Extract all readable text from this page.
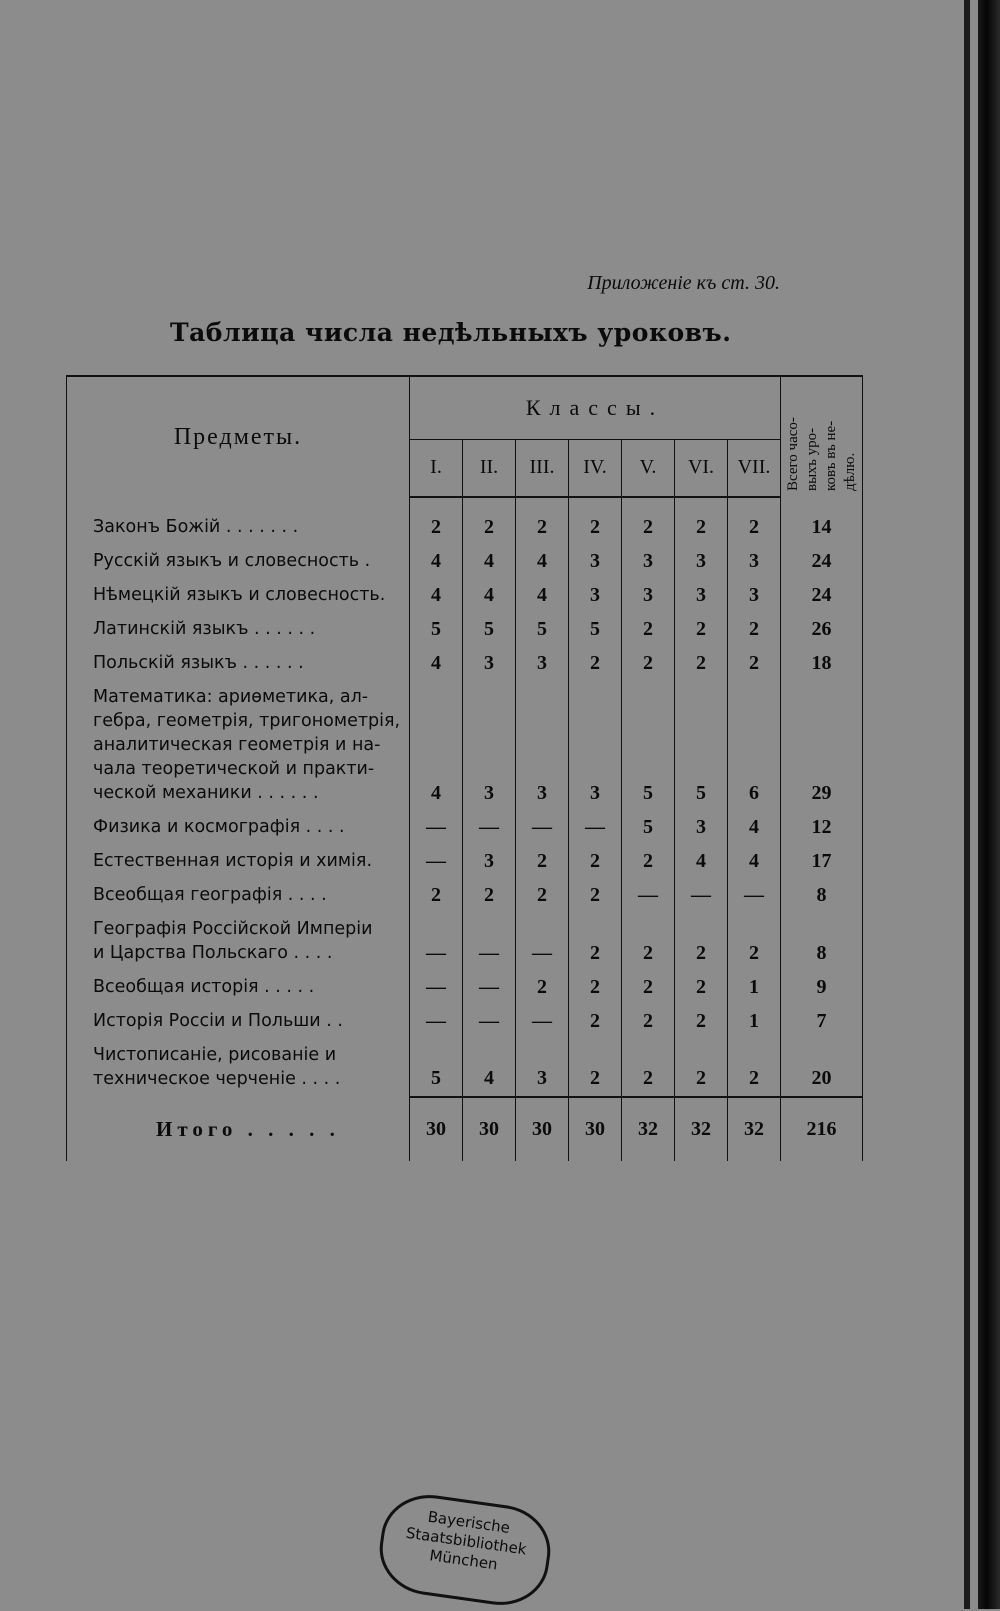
Приложеніе къ ст. 30.
Таблица числа недѣльныхъ уроковъ.
Предметы.	Классы.							Всего часо-
выхъ уро-
ковъ въ не-
дѣлю.
	I.	II.	III.	IV.	V.	VI.	VII.	
Законъ Божій . . . . . . .	2	2	2	2	2	2	2	14
Русскій языкъ и словесность .	4	4	4	3	3	3	3	24
Нѣмецкій языкъ и словесность.	4	4	4	3	3	3	3	24
Латинскій языкъ . . . . . .	5	5	5	5	2	2	2	26
Польскій языкъ . . . . . .	4	3	3	2	2	2	2	18
Математика: ариѳметика, ал-
гебра, геометрія, тригонометрія,
аналитическая геометрія и на-
чала теоретической и практи-
ческой механики . . . . . .	4	3	3	3	5	5	6	29
Физика и космографія . . . .	—	—	—	—	5	3	4	12
Естественная исторія и химія.	—	3	2	2	2	4	4	17
Всеобщая географія . . . .	2	2	2	2	—	—	—	8
Географія Россійской Имперіи
и Царства Польскаго . . . .	—	—	—	2	2	2	2	8
Всеобщая исторія . . . . .	—	—	2	2	2	2	1	9
Исторія Россіи и Польши . .	—	—	—	2	2	2	1	7
Чистописаніе, рисованіе и
техническое черченіе . . . .	5	4	3	2	2	2	2	20
Итого . . . . .	30	30	30	30	32	32	32	216
Bayerische
Staatsbibliothek
München
